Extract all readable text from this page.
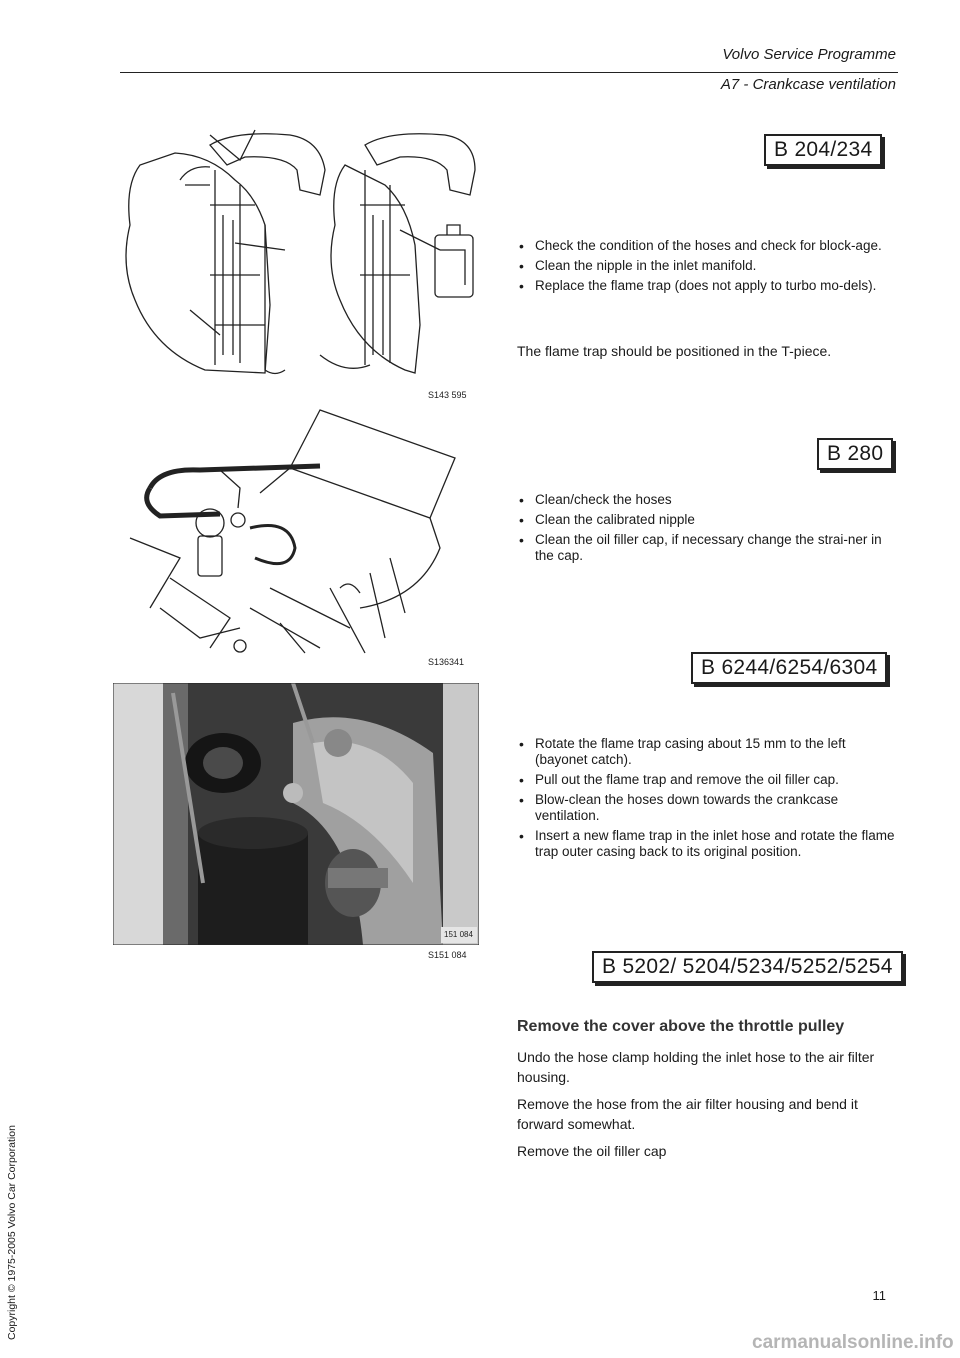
Volvo Service Programme
A7 - Crankcase ventilation
S143 595
S136341
151 084
S151 084
B 204/234
• Check the condition of the hoses and check for block-age.
• Clean the nipple in the inlet manifold.
• Replace the flame trap (does not apply to turbo mo-dels).
The flame trap should be positioned in the T-piece.
B 280
• Clean/check the hoses
• Clean the calibrated nipple
• Clean the oil filler cap, if necessary change the strai-ner in the cap.
B 6244/6254/6304
• Rotate the flame trap casing about 15 mm to the left (bayonet catch).
• Pull out the flame trap and remove the oil filler cap.
• Blow-clean the hoses down towards the crankcase ventilation.
• Insert a new flame trap in the inlet hose and rotate the flame trap outer casing back to its original position.
B 5202/ 5204/5234/5252/5254
Remove the cover above the throttle pulley
Undo the hose clamp holding the inlet hose to the air filter housing.
Remove the hose from the air filter housing and bend it forward somewhat.
Remove the oil filler cap
11
Copyright © 1975-2005 Volvo Car Corporation
carmanualsonline.info
